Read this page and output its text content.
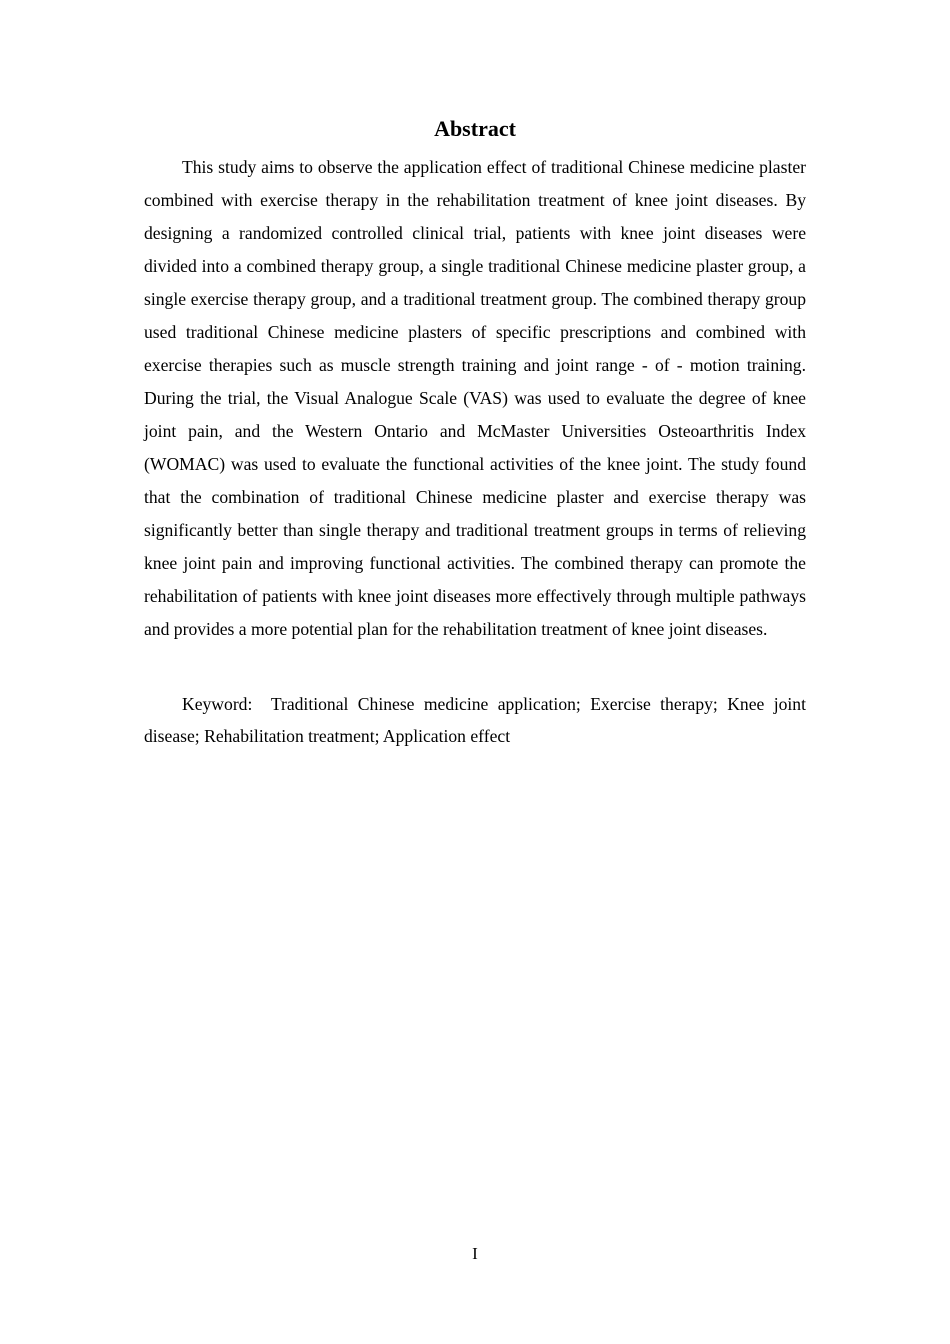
Abstract

This study aims to observe the application effect of traditional Chinese medicine plaster combined with exercise therapy in the rehabilitation treatment of knee joint diseases. By designing a randomized controlled clinical trial, patients with knee joint diseases were divided into a combined therapy group, a single traditional Chinese medicine plaster group, a single exercise therapy group, and a traditional treatment group. The combined therapy group used traditional Chinese medicine plasters of specific prescriptions and combined with exercise therapies such as muscle strength training and joint range - of - motion training. During the trial, the Visual Analogue Scale (VAS) was used to evaluate the degree of knee joint pain, and the Western Ontario and McMaster Universities Osteoarthritis Index (WOMAC) was used to evaluate the functional activities of the knee joint. The study found that the combination of traditional Chinese medicine plaster and exercise therapy was significantly better than single therapy and traditional treatment groups in terms of relieving knee joint pain and improving functional activities. The combined therapy can promote the rehabilitation of patients with knee joint diseases more effectively through multiple pathways and provides a more potential plan for the rehabilitation treatment of knee joint diseases.

Keyword:  Traditional Chinese medicine application; Exercise therapy; Knee joint disease; Rehabilitation treatment; Application effect

I
